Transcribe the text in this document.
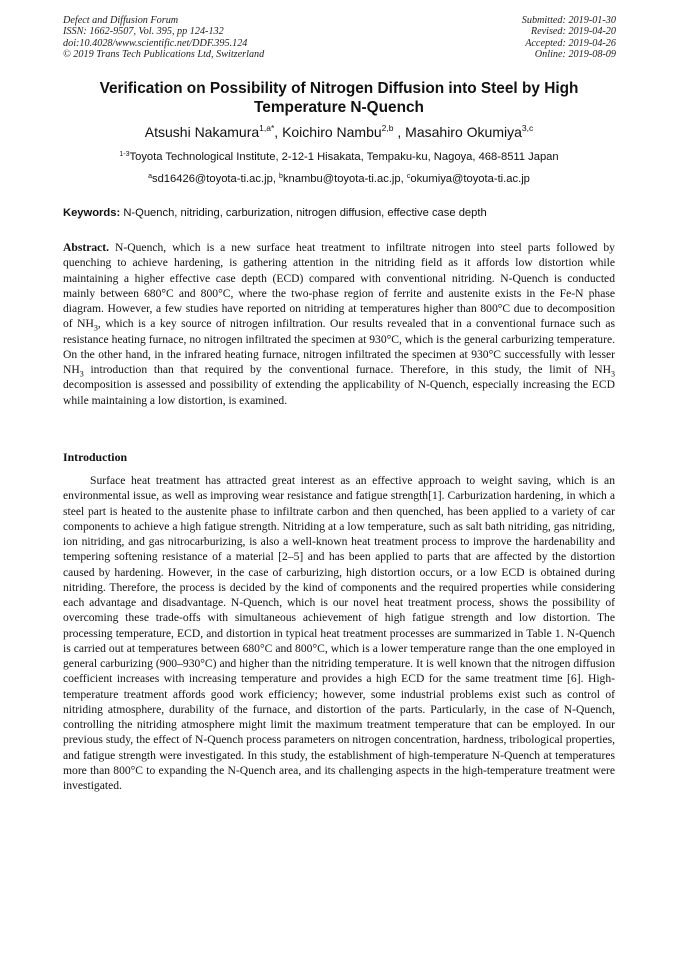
Defect and Diffusion Forum
ISSN: 1662-9507, Vol. 395, pp 124-132
doi:10.4028/www.scientific.net/DDF.395.124
© 2019 Trans Tech Publications Ltd, Switzerland
Submitted: 2019-01-30
Revised: 2019-04-20
Accepted: 2019-04-26
Online: 2019-08-09
Verification on Possibility of Nitrogen Diffusion into Steel by High Temperature N-Quench
Atsushi Nakamura$^{1,a*}$, Koichiro Nambu$^{2,b}$ , Masahiro Okumiya$^{3,c}$
$^{1-3}$Toyota Technological Institute, 2-12-1 Hisakata, Tempaku-ku, Nagoya, 468-8511 Japan
$^a$sd16426@toyota-ti.ac.jp, $^b$knambu@toyota-ti.ac.jp, $^c$okumiya@toyota-ti.ac.jp
Keywords: N-Quench, nitriding, carburization, nitrogen diffusion, effective case depth

Abstract. N-Quench, which is a new surface heat treatment to infiltrate nitrogen into steel parts followed by quenching to achieve hardening, is gathering attention in the nitriding field as it affords low distortion while maintaining a higher effective case depth (ECD) compared with conventional nitriding. N-Quench is conducted mainly between 680°C and 800°C, where the two-phase region of ferrite and austenite exists in the Fe-N phase diagram. However, a few studies have reported on nitriding at temperatures higher than 800°C due to decomposition of $NH_3$, which is a key source of nitrogen infiltration. Our results revealed that in a conventional furnace such as resistance heating furnace, no nitrogen infiltrated the specimen at 930°C, which is the general carburizing temperature. On the other hand, in the infrared heating furnace, nitrogen infiltrated the specimen at 930°C successfully with lesser $NH_3$ introduction than that required by the conventional furnace. Therefore, in this study, the limit of $NH_3$ decomposition is assessed and possibility of extending the applicability of N-Quench, especially increasing the ECD while maintaining a low distortion, is examined.

Introduction

Surface heat treatment has attracted great interest as an effective approach to weight saving, which is an environmental issue, as well as improving wear resistance and fatigue strength[1]. Carburization hardening, in which a steel part is heated to the austenite phase to infiltrate carbon and then quenched, has been applied to a variety of car components to achieve a high fatigue strength. Nitriding at a low temperature, such as salt bath nitriding, gas nitriding, ion nitriding, and gas nitrocarburizing, is also a well-known heat treatment process to improve the hardenability and tempering softening resistance of a material [2–5] and has been applied to parts that are affected by the distortion caused by hardening. However, in the case of carburizing, high distortion occurs, or a low ECD is obtained during nitriding. Therefore, the process is decided by the kind of components and the required properties while considering each advantage and disadvantage. N-Quench, which is our novel heat treatment process, shows the possibility of overcoming these trade-offs with simultaneous achievement of high fatigue strength and low distortion. The processing temperature, ECD, and distortion in typical heat treatment processes are summarized in Table 1. N-Quench is carried out at temperatures between 680°C and 800°C, which is a lower temperature range than the one employed in general carburizing (900–930°C) and higher than the nitriding temperature. It is well known that the nitrogen diffusion coefficient increases with increasing temperature and provides a high ECD for the same treatment time [6]. High-temperature treatment affords good work efficiency; however, some industrial problems exist such as control of nitriding atmosphere, durability of the furnace, and distortion of the parts. Particularly, in the case of N-Quench, controlling the nitriding atmosphere might limit the maximum treatment temperature that can be employed. In our previous study, the effect of N-Quench process parameters on nitrogen concentration, hardness, tribological properties, and fatigue strength were investigated. In this study, the establishment of high-temperature N-Quench at temperatures more than 800°C to expanding the N-Quench area, and its challenging aspects in the high-temperature treatment were investigated.
